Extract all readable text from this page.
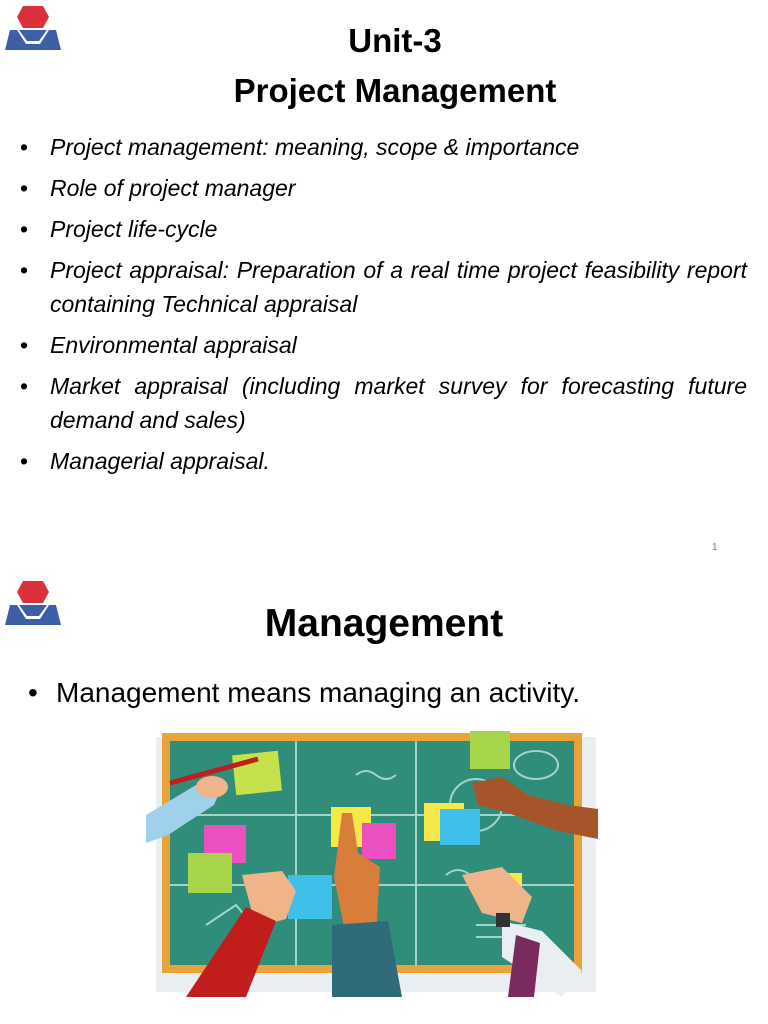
Unit-3
Project Management
• Project management: meaning, scope & importance
• Role of project manager
• Project life-cycle
• Project appraisal: Preparation of a real time project feasibility report containing Technical appraisal
• Environmental appraisal
• Market appraisal (including market survey for forecasting future demand and sales)
• Managerial appraisal.
1
Management
• Management means managing an activity.
